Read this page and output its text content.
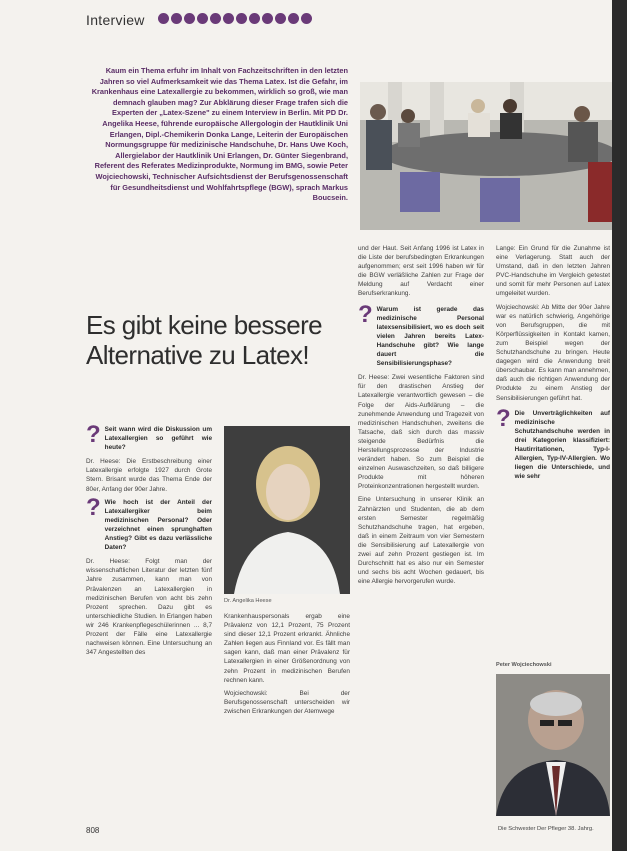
Interview

Kaum ein Thema erfuhr im Inhalt von Fachzeitschriften in den letzten Jahren so viel Aufmerksamkeit wie das Thema Latex. Ist die Gefahr, im Krankenhaus eine Latexallergie zu bekommen, wirklich so groß, wie man demnach glauben mag? Zur Abklärung dieser Frage trafen sich die Experten der „Latex-Szene" zu einem Interview in Berlin. Mit PD Dr. Angelika Heese, führende europäische Allergologin der Hautklinik Uni Erlangen, Dipl.-Chemikerin Donka Lange, Leiterin der Europäischen Normungsgruppe für medizinische Handschuhe, Dr. Hans Uwe Koch, Allergielabor der Hautklinik Uni Erlangen, Dr. Günter Siegenbrand, Referent des Referates Medizinprodukte, Normung im BMG, sowie Peter Wojciechowski, Technischer Aufsichtsdienst der Berufsgenossenschaft für Gesundheitsdienst und Wohlfahrtspflege (BGW), sprach Markus Boucsein.

Es gibt keine bessere Alternative zu Latex!
? Seit wann wird die Diskussion um Latexallergien so geführt wie heute?

Dr. Heese: Die Erstbeschreibung einer Latexallergie erfolgte 1927 durch Grote Stern. Brisant wurde das Thema Ende der 80er, Anfang der 90er Jahre.

? Wie hoch ist der Anteil der Latexallergiker beim medizinischen Personal? Oder verzeichnet einen sprunghaften Anstieg? Gibt es dazu verlässliche Daten?

Dr. Heese: Folgt man der wissenschaftlichen Literatur der letzten fünf Jahre zusammen, kann man von Prävalenzen an Latexallergien in medizinischen Berufen von acht bis zehn Prozent sprechen. Dazu gibt es unterschiedliche Studien. In Erlangen haben wir 246 Krankenpflegeschülerinnen ... 8,7 Prozent der Fälle eine Latexallergie nachweisen können. Eine Untersuchung an 347 Angestellten des

Dr. Angelika Heese

Krankenhauspersonals ergab eine Prävalenz von 12,1 Prozent, 75 Prozent sind dieser 12,1 Prozent erkrankt. Ähnliche Zahlen liegen aus Finnland vor. Es fällt man sagen kann, daß man einer Prävalenz für Latexallergien in einer Größenordnung von zehn Prozent in medizinischen Berufen rechnen kann.

Wojciechowski: Bei der Berufsgenossenschaft unterscheiden wir zwischen Erkrankungen der Atemwege

und der Haut. Seit Anfang 1996 ist Latex in die Liste der berufsbedingten Erkrankungen aufgenommen; erst seit 1996 haben wir für die BGW verläßliche Zahlen zur Frage der Meldung auf Verdacht einer Berufserkrankung.

? Warum ist gerade das medizinische Personal latexsensibilisiert, wo es doch seit vielen Jahren bereits Latex-Handschuhe gibt? Wie lange dauert die Sensibilisierungsphase?

Dr. Heese: Zwei wesentliche Faktoren sind für den drastischen Anstieg der Latexallergie verantwortlich gewesen – die Folge der Aids-Aufklärung – die zunehmende Anwendung und Tragezeit von medizinischen Handschuhen, zweitens die Tatsache, daß sich durch das massiv steigende Bedürfnis die Herstellungsprozesse der Industrie verändert haben. So zum Beispiel die einzelnen Auswaschzeiten, so daß billigere Produkte mit höheren Proteinkonzentrationen hergestellt wurden.

Eine Untersuchung in unserer Klinik an Zahnärzten und Studenten, die ab dem ersten Semester regelmäßig Schutzhandschuhe tragen, hat ergeben, daß in einem Zeitraum von vier Semestern die Sensibilisierung auf Latexallergie von zwei auf zehn Prozent gestiegen ist. Im Durchschnitt hat es also nur ein Semester und sechs bis acht Wochen gedauert, bis eine Allergie hervorgerufen wurde.

Lange: Ein Grund für die Zunahme ist eine Verlagerung. Statt auch der Umstand, daß in den letzten Jahren PVC-Handschuhe im Vergleich getestet und somit für mehr Personen auf Latex umgeleitet wurden.

Wojciechowski: Ab Mitte der 90er Jahre war es natürlich schwierig, Angehörige von Berufsgruppen, die mit Körperflüssigkeiten in Kontakt kamen, zum Beispiel wegen der Schutzhandschuhe zu bringen. Heute dagegen wird die Anwendung breit überschaubar. Es kann man annehmen, daß auch die richtigen Anwendung der Produkte zu einem Anstieg der Sensibilisierungen geführt hat.

? Die Unverträglichkeiten auf medizinische Schutzhandschuhe werden in drei Kategorien klassifiziert: Hautirritationen, Typ-I-Allergien, Typ-IV-Allergien. Wo liegen die Unterschiede, und wie sehr
Peter Wojciechowski
808	Die Schwester Der Pfleger 38. Jahrg.
